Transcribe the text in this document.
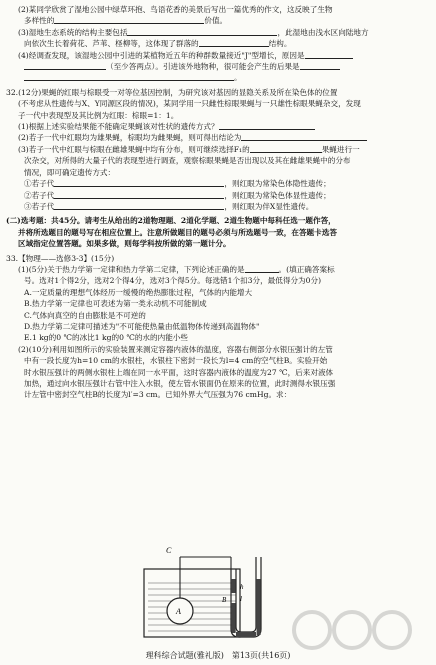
(2)某同学欣赏了湿地公园中绿草环抱、鸟语花香的美景后写出一篇优秀的作文，这反映了生物
多样性的	价值。
(3)湿地生态系统的结构主要包括	，此湿地由浅水区向陆地方
向依次生长着荷花、芦苇、柽柳等，这体现了群落的	结构。
(4)经调查发现，该湿地公园中引进的某植物近五年的种群数量接近"J"型增长，原因是
（至少答两点）。引进该外地物种，很可能会产生的后果是
。
32.(12分)果蝇的红眼与棕眼受一对等位基因控制，为研究该对基因的显隐关系及所在染色体的位置
(不考虑从性遗传与X、Y同源区段的情况)，某同学用一只雌性棕眼果蝇与一只雄性棕眼果蝇杂交，发现
子一代中表现型及其比例为红眼：棕眼=1：1。
(1)根据上述实验结果能不能确定果蝇该对性状的遗传方式？
(2)若子一代中红眼均为雄果蝇，棕眼均为雌果蝇，则可得出结论为
(3)若子一代中红眼与棕眼在雌雄果蝇中均有分布，则可继续选择F₁的	果蝇进行一
次杂交，对所得的大量子代的表现型进行调查，观察棕眼果蝇是否出现以及其在雌雄果蝇中的分布
情况，即可确定遗传方式：
①若子代	，则红眼为常染色体隐性遗传；
②若子代	，则红眼为常染色体显性遗传；
③若子代	，则红眼为伴X显性遗传。
(二)选考题：共45分。请考生从给出的2道物理题、2道化学题、2道生物题中每科任选一题作答，
并将所选题目的题号写在相应位置上。注意所做题目的题号必须与所选题号一致，在答题卡选答
区域指定位置答题。如果多做，则每学科按所做的第一题计分。
33.【物理——选修3-3】(15分)
(1)(5分)关于热力学第一定律和热力学第二定律，下列论述正确的是	。(填正确答案标
号。选对1个得2分，选对2个得4分，选对3个得5分。每选错1个扣3分，最低得分为0分)
A.一定质量的理想气体经历一缓慢的绝热膨胀过程，气体的内能增大
B.热力学第一定律也可表述为第一类永动机不可能制成
C.气体向真空的自由膨胀是不可逆的
D.热力学第二定律可描述为"不可能使热量由低温物体传递到高温物体"
E.1 kg的0 ℃的冰比1 kg的0 ℃的水的内能小些
(2)(10分)利用如图所示的实验装置来测定容器内液体的温度，容器右侧部分水银压强计的左管
中有一段长度为h=10 cm的水银柱，水银柱下密封一段长为l=4 cm的空气柱B。实验开始
时水银压强计的两侧水银柱上端在同一水平面，这时容器内液体的温度为27 ℃，后来对液体
加热，通过向水银压强计右管中注入水银，使左管水银面仍在原来的位置，此时测得水银压强
计左管中密封空气柱B的长度为l′=3 cm。已知外界大气压强为76 cmHg。求：
A
C
h
l
B
理科综合试题(雅礼版)　第13页(共16页)
